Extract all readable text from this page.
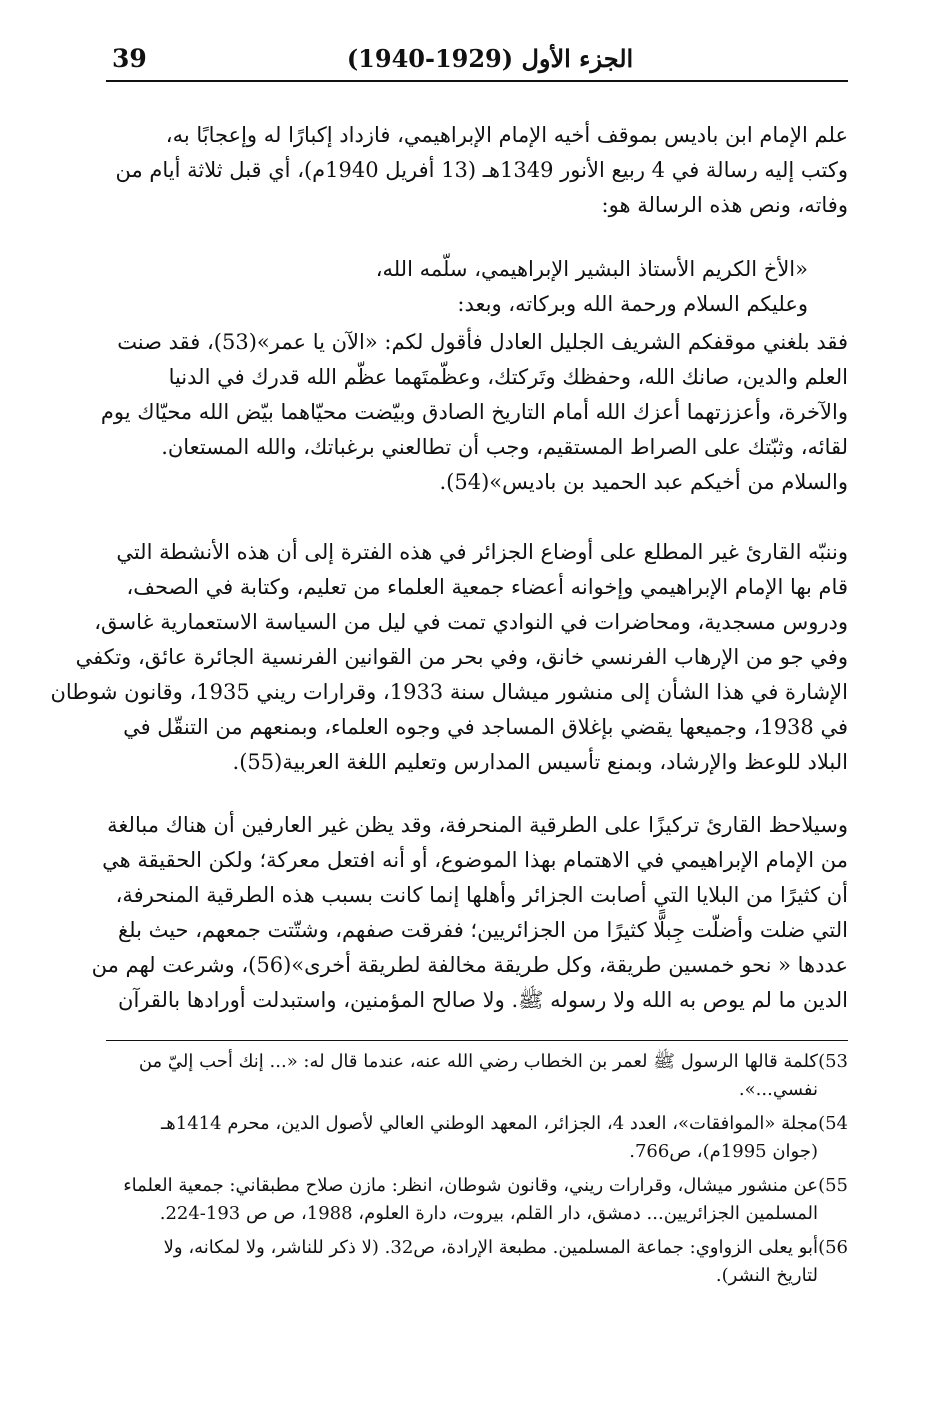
39	الجزء الأول (1929-1940)
علم الإمام ابن باديس بموقف أخيه الإمام الإبراهيمي، فازداد إكبارًا له وإعجابًا به،
وكتب إليه رسالة في 4 ربيع الأنور 1349هـ (13 أفريل 1940م)، أي قبل ثلاثة أيام من
وفاته، ونص هذه الرسالة هو:
«الأخ الكريم الأستاذ البشير الإبراهيمي، سلّمه الله،
وعليكم السلام ورحمة الله وبركاته، وبعد:
فقد بلغني موقفكم الشريف الجليل العادل فأقول لكم: «الآن يا عمر»(53)، فقد صنت
العلم والدين، صانك الله، وحفظك وتَركتك، وعظّمتَهما عظّم الله قدرك في الدنيا
والآخرة، وأعززتهما أعزك الله أمام التاريخ الصادق وبيّضت محيّاهما بيّض الله محيّاك يوم
لقائه، وثبّتك على الصراط المستقيم، وجب أن تطالعني برغباتك، والله المستعان.
والسلام من أخيكم عبد الحميد بن باديس»(54).
وننبّه القارئ غير المطلع على أوضاع الجزائر في هذه الفترة إلى أن هذه الأنشطة التي
قام بها الإمام الإبراهيمي وإخوانه أعضاء جمعية العلماء من تعليم، وكتابة في الصحف،
ودروس مسجدية، ومحاضرات في النوادي تمت في ليل من السياسة الاستعمارية غاسق،
وفي جو من الإرهاب الفرنسي خانق، وفي بحر من القوانين الفرنسية الجائرة عائق، وتكفي
الإشارة في هذا الشأن إلى منشور ميشال سنة 1933، وقرارات ريني 1935، وقانون شوطان
في 1938، وجميعها يقضي بإغلاق المساجد في وجوه العلماء، وبمنعهم من التنقّل في
البلاد للوعظ والإرشاد، وبمنع تأسيس المدارس وتعليم اللغة العربية(55).
وسيلاحظ القارئ تركيزًا على الطرقية المنحرفة، وقد يظن غير العارفين أن هناك مبالغة
من الإمام الإبراهيمي في الاهتمام بهذا الموضوع، أو أنه افتعل معركة؛ ولكن الحقيقة هي
أن كثيرًا من البلايا التي أصابت الجزائر وأهلها إنما كانت بسبب هذه الطرقية المنحرفة،
التي ضلت وأضلّت جِبلًّا كثيرًا من الجزائريين؛ ففرقت صفهم، وشتّتت جمعهم، حيث بلغ
عددها « نحو خمسين طريقة، وكل طريقة مخالفة لطريقة أخرى»(56)، وشرعت لهم من
الدين ما لم يوص به الله ولا رسوله ﷺ. ولا صالح المؤمنين، واستبدلت أورادها بالقرآن
53)كلمة قالها الرسول ﷺ لعمر بن الخطاب رضي الله عنه، عندما قال له: «... إنك أحب إليّ من
نفسي...».
54)مجلة «الموافقات»، العدد 4، الجزائر، المعهد الوطني العالي لأصول الدين، محرم 1414هـ
(جوان 1995م)، ص766.
55)عن منشور ميشال، وقرارات ريني، وقانون شوطان، انظر: مازن صلاح مطبقاني: جمعية العلماء
المسلمين الجزائريين... دمشق، دار القلم، بيروت، دارة العلوم، 1988، ص ص 193-224.
56)أبو يعلى الزواوي: جماعة المسلمين. مطبعة الإرادة، ص32. (لا ذكر للناشر، ولا لمكانه، ولا
لتاريخ النشر).
